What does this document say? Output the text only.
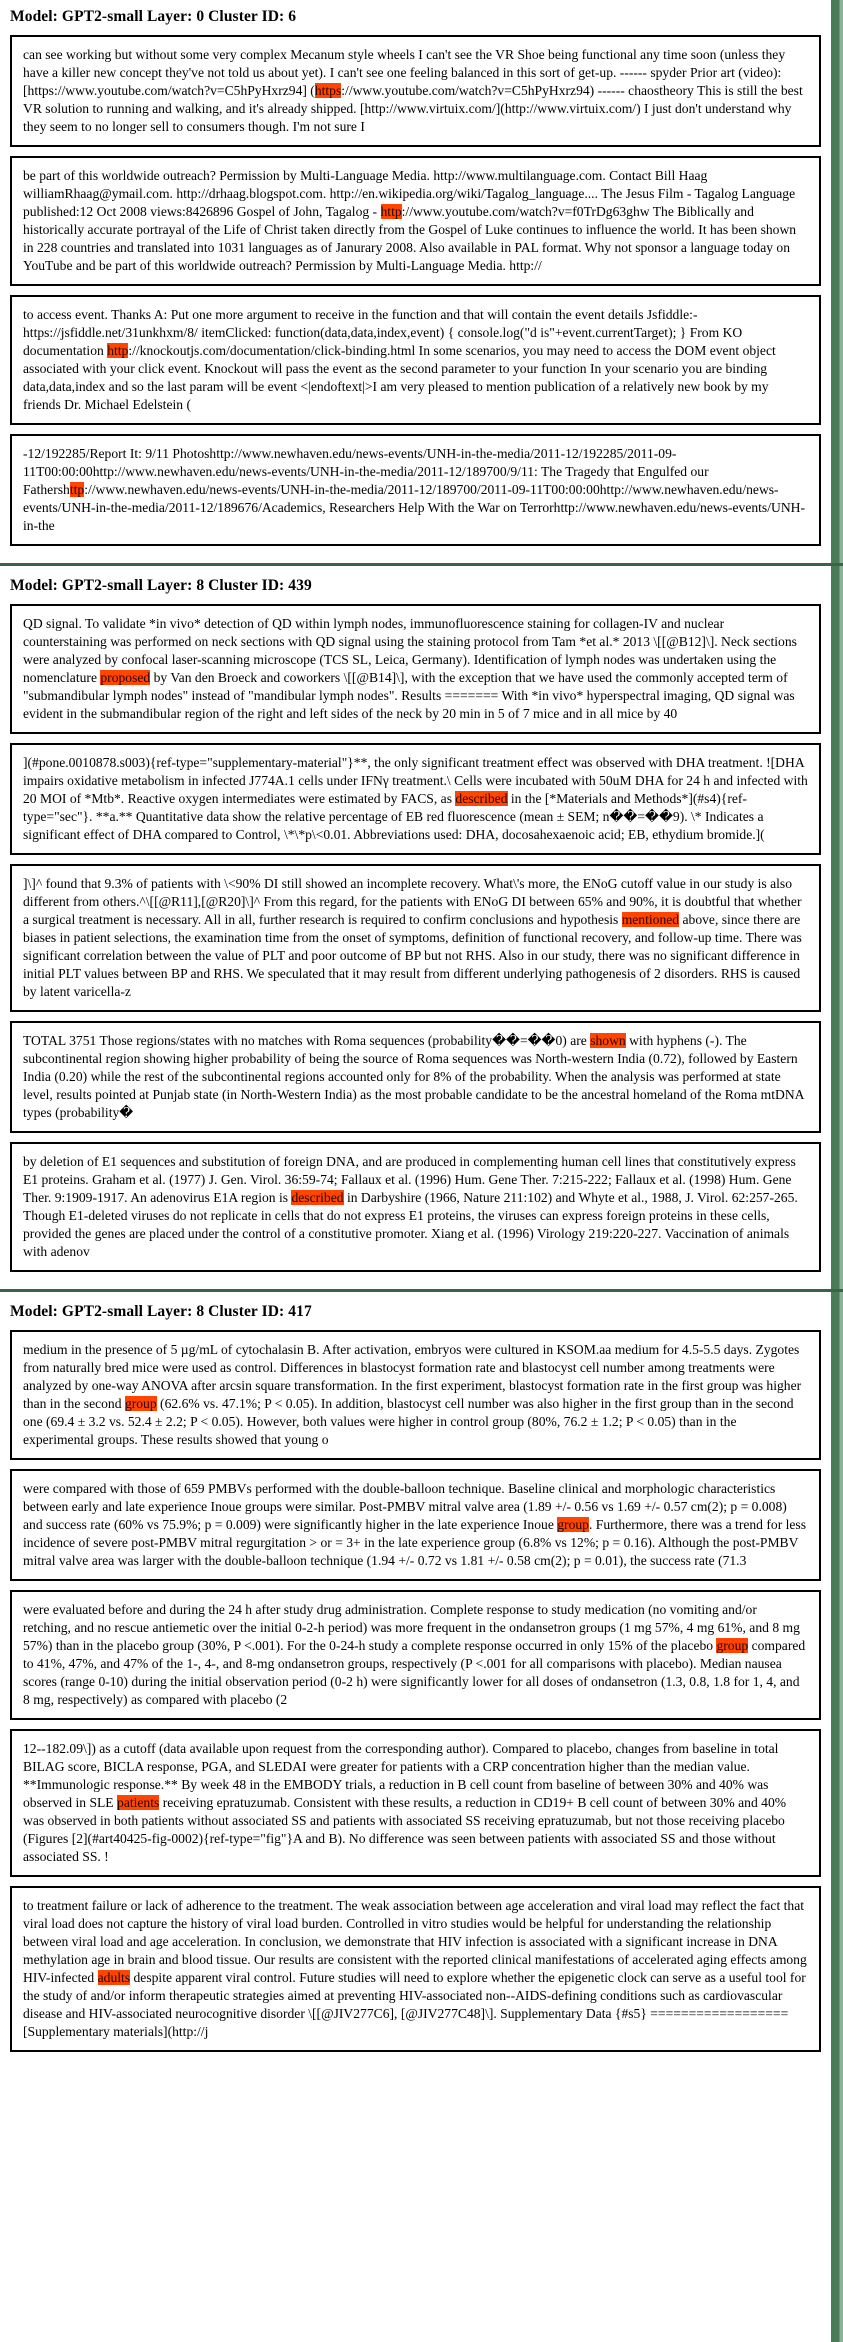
Model: GPT2-small Layer: 0 Cluster ID: 6
can see working but without some very complex Mecanum style wheels I can't see the VR Shoe being functional any time soon (unless they have a killer new concept they've not told us about yet). I can't see one feeling balanced in this sort of get-up. ------ spyder Prior art (video): [https://www.youtube.com/watch?v=C5hPyHxrz94] (https://www.youtube.com/watch?v=C5hPyHxrz94) ------ chaostheory This is still the best VR solution to running and walking, and it's already shipped. [http://www.virtuix.com/](http://www.virtuix.com/) I just don't understand why they seem to no longer sell to consumers though. I'm not sure I
be part of this worldwide outreach? Permission by Multi-Language Media. http://www.multilanguage.com. Contact Bill Haag williamRhaag@ymail.com. http://drhaag.blogspot.com. http://en.wikipedia.org/wiki/Tagalog_language.... The Jesus Film - Tagalog Language published:12 Oct 2008 views:8426896 Gospel of John, Tagalog - http://www.youtube.com/watch?v=f0TrDg63ghw The Biblically and historically accurate portrayal of the Life of Christ taken directly from the Gospel of Luke continues to influence the world. It has been shown in 228 countries and translated into 1031 languages as of Janurary 2008. Also available in PAL format. Why not sponsor a language today on YouTube and be part of this worldwide outreach? Permission by Multi-Language Media. http://
to access event. Thanks A: Put one more argument to receive in the function and that will contain the event details Jsfiddle:- https://jsfiddle.net/31unkhxm/8/ itemClicked: function(data,data,index,event) { console.log("d is"+event.currentTarget); } From KO documentation http://knockoutjs.com/documentation/click-binding.html In some scenarios, you may need to access the DOM event object associated with your click event. Knockout will pass the event as the second parameter to your function In your scenario you are binding data,data,index and so the last param will be event <|endoftext|>I am very pleased to mention publication of a relatively new book by my friends Dr. Michael Edelstein (
-12/192285/Report It: 9/11 Photoshttp://www.newhaven.edu/news-events/UNH-in-the-media/2011-12/192285/2011-09-11T00:00:00http://www.newhaven.edu/news-events/UNH-in-the-media/2011-12/189700/9/11: The Tragedy that Engulfed our Fathershttp://www.newhaven.edu/news-events/UNH-in-the-media/2011-12/189700/2011-09-11T00:00:00http://www.newhaven.edu/news-events/UNH-in-the-media/2011-12/189676/Academics, Researchers Help With the War on Terrorhttp://www.newhaven.edu/news-events/UNH-in-the
Model: GPT2-small Layer: 8 Cluster ID: 439
QD signal. To validate *in vivo* detection of QD within lymph nodes, immunofluorescence staining for collagen-IV and nuclear counterstaining was performed on neck sections with QD signal using the staining protocol from Tam *et al.* 2013 \[[@B12]\]. Neck sections were analyzed by confocal laser-scanning microscope (TCS SL, Leica, Germany). Identification of lymph nodes was undertaken using the nomenclature proposed by Van den Broeck and coworkers \[[@B14]\], with the exception that we have used the commonly accepted term of "submandibular lymph nodes" instead of "mandibular lymph nodes". Results ======= With *in vivo* hyperspectral imaging, QD signal was evident in the submandibular region of the right and left sides of the neck by 20 min in 5 of 7 mice and in all mice by 40
](#pone.0010878.s003){ref-type="supplementary-material"}**, the only significant treatment effect was observed with DHA treatment. ![DHA impairs oxidative metabolism in infected J774A.1 cells under IFNγ treatment.\ Cells were incubated with 50uM DHA for 24 h and infected with 20 MOI of *Mtb*. Reactive oxygen intermediates were estimated by FACS, as described in the [*Materials and Methods*](#s4){ref-type="sec"}. **a.** Quantitative data show the relative percentage of EB red fluorescence (mean ± SEM; n��=��9). \* Indicates a significant effect of DHA compared to Control, \*\*p\<0.01. Abbreviations used: DHA, docosahexaenoic acid; EB, ethydium bromide.](
]\]^ found that 9.3% of patients with \<90% DI still showed an incomplete recovery. What\'s more, the ENoG cutoff value in our study is also different from others.^\[[@R11],[@R20]\]^ From this regard, for the patients with ENoG DI between 65% and 90%, it is doubtful that whether a surgical treatment is necessary. All in all, further research is required to confirm conclusions and hypothesis mentioned above, since there are biases in patient selections, the examination time from the onset of symptoms, definition of functional recovery, and follow-up time. There was significant correlation between the value of PLT and poor outcome of BP but not RHS. Also in our study, there was no significant difference in initial PLT values between BP and RHS. We speculated that it may result from different underlying pathogenesis of 2 disorders. RHS is caused by latent varicella-z
TOTAL 3751 Those regions/states with no matches with Roma sequences (probability��=��0) are shown with hyphens (-). The subcontinental region showing higher probability of being the source of Roma sequences was North-western India (0.72), followed by Eastern India (0.20) while the rest of the subcontinental regions accounted only for 8% of the probability. When the analysis was performed at state level, results pointed at Punjab state (in North-Western India) as the most probable candidate to be the ancestral homeland of the Roma mtDNA types (probability�
by deletion of E1 sequences and substitution of foreign DNA, and are produced in complementing human cell lines that constitutively express E1 proteins. Graham et al. (1977) J. Gen. Virol. 36:59-74; Fallaux et al. (1996) Hum. Gene Ther. 7:215-222; Fallaux et al. (1998) Hum. Gene Ther. 9:1909-1917. An adenovirus E1A region is described in Darbyshire (1966, Nature 211:102) and Whyte et al., 1988, J. Virol. 62:257-265. Though E1-deleted viruses do not replicate in cells that do not express E1 proteins, the viruses can express foreign proteins in these cells, provided the genes are placed under the control of a constitutive promoter. Xiang et al. (1996) Virology 219:220-227. Vaccination of animals with adenov
Model: GPT2-small Layer: 8 Cluster ID: 417
medium in the presence of 5 µg/mL of cytochalasin B. After activation, embryos were cultured in KSOM.aa medium for 4.5-5.5 days. Zygotes from naturally bred mice were used as control. Differences in blastocyst formation rate and blastocyst cell number among treatments were analyzed by one-way ANOVA after arcsin square transformation. In the first experiment, blastocyst formation rate in the first group was higher than in the second group (62.6% vs. 47.1%; P < 0.05). In addition, blastocyst cell number was also higher in the first group than in the second one (69.4 ± 3.2 vs. 52.4 ± 2.2; P < 0.05). However, both values were higher in control group (80%, 76.2 ± 1.2; P < 0.05) than in the experimental groups. These results showed that young o
were compared with those of 659 PMBVs performed with the double-balloon technique. Baseline clinical and morphologic characteristics between early and late experience Inoue groups were similar. Post-PMBV mitral valve area (1.89 +/- 0.56 vs 1.69 +/- 0.57 cm(2); p = 0.008) and success rate (60% vs 75.9%; p = 0.009) were significantly higher in the late experience Inoue group. Furthermore, there was a trend for less incidence of severe post-PMBV mitral regurgitation > or = 3+ in the late experience group (6.8% vs 12%; p = 0.16). Although the post-PMBV mitral valve area was larger with the double-balloon technique (1.94 +/- 0.72 vs 1.81 +/- 0.58 cm(2); p = 0.01), the success rate (71.3
were evaluated before and during the 24 h after study drug administration. Complete response to study medication (no vomiting and/or retching, and no rescue antiemetic over the initial 0-2-h period) was more frequent in the ondansetron groups (1 mg 57%, 4 mg 61%, and 8 mg 57%) than in the placebo group (30%, P <.001). For the 0-24-h study a complete response occurred in only 15% of the placebo group compared to 41%, 47%, and 47% of the 1-, 4-, and 8-mg ondansetron groups, respectively (P <.001 for all comparisons with placebo). Median nausea scores (range 0-10) during the initial observation period (0-2 h) were significantly lower for all doses of ondansetron (1.3, 0.8, 1.8 for 1, 4, and 8 mg, respectively) as compared with placebo (2
12--182.09\]) as a cutoff (data available upon request from the corresponding author). Compared to placebo, changes from baseline in total BILAG score, BICLA response, PGA, and SLEDAI were greater for patients with a CRP concentration higher than the median value. **Immunologic response.** By week 48 in the EMBODY trials, a reduction in B cell count from baseline of between 30% and 40% was observed in SLE patients receiving epratuzumab. Consistent with these results, a reduction in CD19+ B cell count of between 30% and 40% was observed in both patients without associated SS and patients with associated SS receiving epratuzumab, but not those receiving placebo (Figures [2](#art40425-fig-0002){ref-type="fig"}A and B). No difference was seen between patients with associated SS and those without associated SS. !
to treatment failure or lack of adherence to the treatment. The weak association between age acceleration and viral load may reflect the fact that viral load does not capture the history of viral load burden. Controlled in vitro studies would be helpful for understanding the relationship between viral load and age acceleration. In conclusion, we demonstrate that HIV infection is associated with a significant increase in DNA methylation age in brain and blood tissue. Our results are consistent with the reported clinical manifestations of accelerated aging effects among HIV-infected adults despite apparent viral control. Future studies will need to explore whether the epigenetic clock can serve as a useful tool for the study of and/or inform therapeutic strategies aimed at preventing HIV-associated non--AIDS-defining conditions such as cardiovascular disease and HIV-associated neurocognitive disorder \[[@JIV277C6], [@JIV277C48]\]. Supplementary Data {#s5} ================== [Supplementary materials](http://j
